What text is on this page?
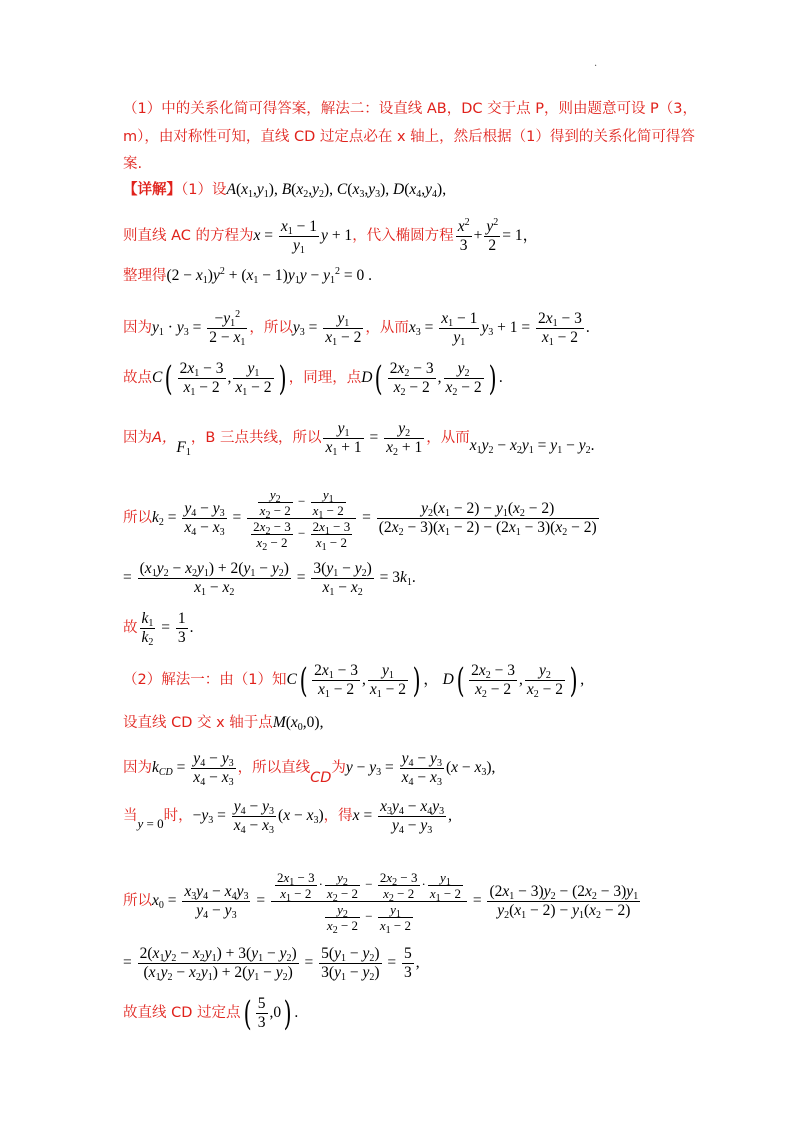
.
（1）中的关系化简可得答案，解法二：设直线 AB，DC 交于点 P，则由题意可设 P（3，
m），由对称性可知，直线 CD 过定点必在 x 轴上，然后根据（1）得到的关系化简可得答
案.
【详解】（1）设$A(x_1,y_1)$, $B(x_2,y_2)$, $C(x_3,y_3)$, $D(x_4,y_4)$,
则直线 AC 的方程为$x = \frac{x_1 - 1}{y_1}$ y + 1，代入椭圆方程 $\frac{x^2}{3} + \frac{y^2}{2} = 1$，
整理得$(2 - x_1)y^2 + (x_1 - 1)y_1y - y_1^2 = 0$ .
因为$y_1 \cdot y_3 = \frac{-y_1^2}{2 - x_1}$ ，所以$y_3 = \frac{y_1}{x_1 - 2}$ ，从而$x_3 = \frac{x_1 - 1}{y_1} y_3 + 1 = \frac{2x_1 - 3}{x_1 - 2}$ .
故点$C( \frac{2x_1 - 3}{x_1 - 2}$ , $\frac{y_1}{x_1 - 2}$ ) ，同理，点$D( \frac{2x_2 - 3}{x_2 - 2}$ , $\frac{y_2}{x_2 - 2}$ ) .
因为A，$F_1$，B 三点共线，所以 $\frac{y_1}{x_1 + 1} = \frac{y_2}{x_2 + 1}$ ，从而$x_1y_2 - x_2y_1 = y_1 - y_2$.
所以$k_2 = \frac{y_4 - y_3}{x_4 - x_3} = \frac{\frac{y_2}{x_2 - 2} - \frac{y_1}{x_1 - 2}}{\frac{2x_2 - 3}{x_2 - 2} - \frac{2x_1 - 3}{x_1 - 2}} = \frac{y_2(x_1 - 2) - y_1(x_2 - 2)}{(2x_2 - 3)(x_1 - 2) - (2x_1 - 3)(x_2 - 2)}$
= $\frac{(x_1y_2 - x_2y_1) + 2(y_1 - y_2)}{x_1 - x_2} = \frac{3(y_1 - y_2)}{x_1 - x_2} = 3k_1$.
故 $\frac{k_1}{k_2} = \frac{1}{3}$ .
（2）解法一：由（1）知$C( \frac{2x_1 - 3}{x_1 - 2}$ , $\frac{y_1}{x_1 - 2}$ ) ， $D( \frac{2x_2 - 3}{x_2 - 2}$ , $\frac{y_2}{x_2 - 2}$ ) ,
设直线 CD 交 x 轴于点$M(x_0,0)$,
因为$k_{CD} = \frac{y_4 - y_3}{x_4 - x_3}$ ，所以直线CD为$y - y_3 = \frac{y_4 - y_3}{x_4 - x_3} (x - x_3)$,
当y = 0时，$-y_3 = \frac{y_4 - y_3}{x_4 - x_3} (x - x_3)$，得$x = \frac{x_3y_4 - x_4y_3}{y_4 - y_3}$ ,
所以$x_0 = \frac{x_3y_4 - x_4y_3}{y_4 - y_3} = \frac{\frac{2x_1 - 3}{x_1 - 2} \cdot \frac{y_2}{x_2 - 2} - \frac{2x_2 - 3}{x_2 - 2} \cdot \frac{y_1}{x_1 - 2}}{\frac{y_2}{x_2 - 2} - \frac{y_1}{x_1 - 2}} = \frac{(2x_1 - 3)y_2 - (2x_2 - 3)y_1}{y_2(x_1 - 2) - y_1(x_2 - 2)}$
= $\frac{2(x_1y_2 - x_2y_1) + 3(y_1 - y_2)}{(x_1y_2 - x_2y_1) + 2(y_1 - y_2)} = \frac{5(y_1 - y_2)}{3(y_1 - y_2)} = \frac{5}{3}$ ,
故直线 CD 过定点( $\frac{5}{3} ,0$) .
